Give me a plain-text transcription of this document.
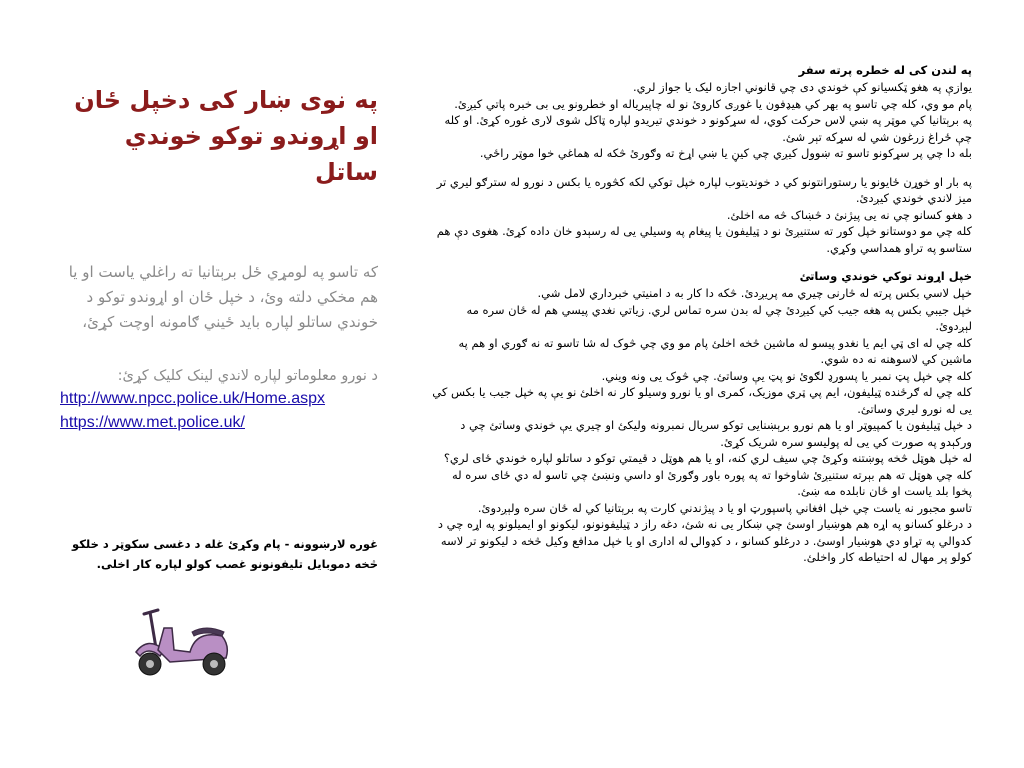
په نوی ښار کی دخپل ځان
او اړوندو توکو خوندي ساتل
که تاسو په لومړي ځل برېتانیا ته راغلي یاست او یا هم مخکي دلته وئ، د خپل ځان او اړوندو توکو د خوندي ساتلو لپاره باید ځیني ګامونه اوچت کړئ،
د نورو معلوماتو لپاره لاندي لینک کلیک کړئ:
http://www.npcc.police.uk/Home.aspx
https://www.met.police.uk/
غوره لارښوونه - پام وکړئ غله د دغسی سکوټر د خلکو څخه دموبایل تلیفونونو غصب کولو لپاره کار اخلی.
په لندن کی له خطره پرته سفر
یوازې په هغو ټکسیانو کې خوندي دی چي قانوني اجازه لیک یا جواز لري.
پام مو وي، کله چي تاسو په بهر کي هیډفون یا غوږی کاروئ نو له چاپیریاله او خطرونو یی بی خبره پاتي کیږئ.
په برېتانیا کي موټر په ښي لاس حرکت کوي، له سړکونو د خوندي تیریدو لپاره ټاکل شوی لاری غوره کړئ. او کله چې ځراغ زرغون شي له سړکه تېر شئ.
بله دا چي پر سړکونو تاسو ته ښوول کیږي چي کیڼ یا ښي اړخ ته وګورئ څکه له هماغي خوا موټر راځي.
په بار او خوړن ځایونو یا رستورانتونو کي د خوندیتوب لپاره خپل توکي لکه کڅوره یا بکس د نورو له سترګو لیري تر میز لاندي خوندي کیږدئ.
د هغو کسانو چي نه یی پیژنئ د څښاک څه مه اخلئ.
کله چي مو دوستانو خپل کور ته ستنیږئ نو د ټیلیفون یا پیغام په وسیلي یی له رسېدو خان داده کړئ. هغوی دې هم ستاسو په تراو همداسي وکړي.
خپل اړوند توکي خوندي وساتئ
خپل لاسي بکس پرته له څارنی چیري مه پریږدئ. څکه دا کار به د امنیتي خبرداري لامل شي.
خپل جیبي بکس په هغه جیب کي کیږدئ چي له بدن سره تماس لري. زیاتي نغدي پیسي هم له ځان سره مه لېږدوئ.
کله چي له ای ټي ایم یا نغدو پیسو له ماشین څخه اخلئ پام مو وي چي څوک له شا تاسو ته نه ګوري او هم په ماشین کي لاسوهنه نه ده شوي.
کله چي خپل پټ نمبر یا پسورډ لګوئ نو پټ یې وساتئ. چي څوک یی ونه ویني.
کله چي له ګرځنده ټیلیفون، ایم پي ټري موزیک، کمری او یا نورو وسیلو کار نه اخلئ نو یې په خپل جیب یا بکس کي یی له نورو لیري وساتئ.
د خپل ټیلیفون یا کمپیوټر او یا هم نورو برېښنایی توکو سریال نمبرونه ولیکئ او چیري یې خوندي وساتئ چي د ورکېدو په صورت کي یی له پولیسو سره شریک کړئ.
له خپل هوټل څخه پوښتنه وکړئ چي سیف لري کنه، او یا هم هوټل د قیمتي توکو د ساتلو لپاره خوندي ځای لري؟
کله چي هوټل ته هم بېرته ستنیږئ شاوخوا ته په پوره باور وګورئ او داسي ونښئ چي تاسو له دي ځای سره له پخوا بلد یاست او ځان نابلده مه ښئ.
تاسو مجبور نه یاست چي خپل افغاني پاسپورټ او یا د پیژندني کارت په برېتانیا کي له ځان سره ولېږدوئ.
د درغلو کسانو په اړه هم هوښیار اوسئ چي ښکار یی نه شئ، دغه راز د ټیلیفونونو، لیکونو او ایمیلونو په اړه چي د کدوالي په تړاو دي هوښیار اوسئ. د درغلو کسانو ، د کډوالۍ له اداری او یا خپل مدافع وکیل څخه د لیکونو تر لاسه کولو پر مهال له احتیاطه کار واخلئ.
